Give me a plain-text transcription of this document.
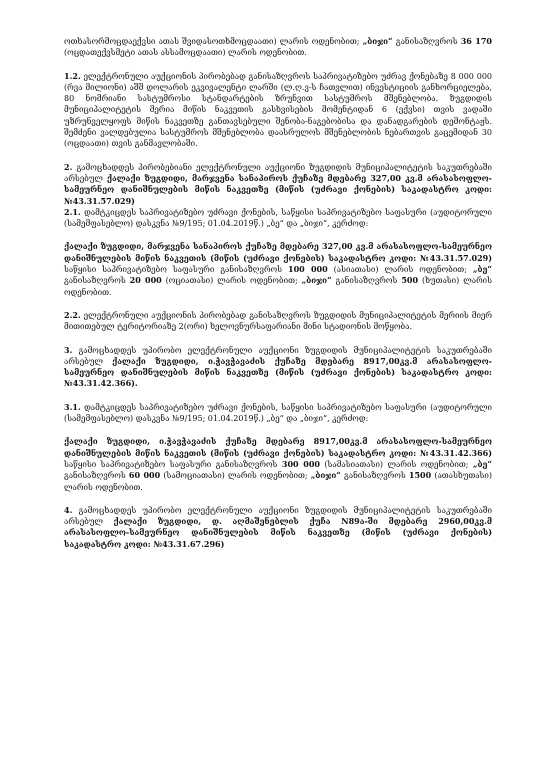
ოთხასორმოცდაექვსი ათას შვიდასოთხმოცდაათი) ლარის ოდენობით; „ბიჯი“ განისაზღვროს 36 170 (ოცდათექვსმეტი ათას ასსამოცდაათი) ლარის ოდენობით.

1.2. ელექტრონული აუქციონის პირობებად განისაზღვროს საპრივატიზებო უძრავ ქონებაზე 8 000 000 (რვა მილიონი) აშშ დოლარის ეკვივალენტი ლარში (ლ.ღ.ვ-ს ჩათვლით) ინვესტიციის განხორციელება, 80 ნომრიანი სასტუმროსი სტანდარტების ზრუნვით სასტუმროს მშენებლობა. ზუგდიდის მუნიციპალიტეტის მერია მიწის ნაკვეთის გასხვისების მომენტიდან 6 (ექვსი) თვის ვადაში უზრუნველყოფს მიწის ნაკვეთზე განთავსებული შენობა-ნაგებობისა და დანადგარების დემონტაჟს. შემძენი ვალდებულია სასტუმროს მშენებლობა დაასრულოს მშენებლობის ნებართვის გაცემიდან 30 (ოცდაათი) თვის განმავლობაში.

2. გამოცხადდეს პირობებიანი ელექტრონული აუქციონი ზუგდიდის მუნიციპალიტეტის საკუთრებაში არსებულ ქალაქი ზუგდიდი, მარჯვენა სანაპიროს ქუჩაზე მდებარე 327,00 კვ.მ არასასოფლო-სამეურნეო დანიშნულების მიწის ნაკვეთზე (მიწის (უძრავი ქონების) საკადასტრო კოდი: №43.31.57.029)

2.1. დამტკიცდეს საპრივატიზებო უძრავი ქონების, საწყისი საპრივატიზებო საფასური (აუდიტორული (სამემფასებლო) დასკვნა №9/195; 01.04.2019წ.) „ბე“ და „ბიჯი“, კერძოდ:

ქალაქი ზუგდიდი, მარჯვენა სანაპიროს ქუჩაზე მდებარე 327,00 კვ.მ არასასოფლო-სამეურნეო დანიშნულების მიწის ნაკვეთის (მიწის (უძრავი ქონების) საკადასტრო კოდი: №43.31.57.029) საწყისი საპრივატიზებო საფასური განისაზღვროს 100 000 (ასიათასი) ლარის ოდენობით; „ბე“ განისაზღვროს 20 000 (ოციათასი) ლარის ოდენობით; „ბიჯი“ განისაზღვროს 500 (ხუთასი) ლარის ოდენობით.

2.2. ელექტრონული აუქციონის პირობებად განისაზღვროს ზუგდიდის მუნიციპალიტეტის მერიის მიერ მითითებულ ტერიტორიაზე 2(ორი) ხელოვნურსაფარიანი მინი სტადიონის მოწყობა.

3. გამოცხადდეს უპირობო ელექტრონული აუქციონი ზუგდიდის მუნიციპალიტეტის საკუთრებაში არსებულ ქალაქი ზუგდიდი, ი.ჭავჭავაძის ქუჩაზე მდებარე 8917,00კვ.მ არასასოფლო-სამეურნეო დანიშნულების მიწის ნაკვეთზე (მიწის (უძრავი ქონების) საკადასტრო კოდი: №43.31.42.366).

3.1. დამტკიცდეს საპრივატიზებო უძრავი ქონების, საწყისი საპრივატიზებო საფასური (აუდიტორული (სამემფასებლო) დასკვნა №9/195; 01.04.2019წ.) „ბე“ და „ბიჯი“, კერძოდ:

ქალაქი ზუგდიდი, ი.ჭავჭავაძის ქუჩაზე მდებარე 8917,00კვ.მ არასასოფლო-სამეურნეო დანიშნულების მიწის ნაკვეთის (მიწის (უძრავი ქონების) საკადასტრო კოდი: №43.31.42.366) საწყისი საპრივატიზებო საფასური განისაზღვროს 300 000 (სამასიათასი) ლარის ოდენობით; „ბე“ განისაზღვროს 60 000 (სამოციათასი) ლარის ოდენობით; „ბიჯი“ განისაზღვროს 1500 (ათასხუთასი) ლარის ოდენობით.

4. გამოცხადდეს უპირობო ელექტრონული აუქციონი ზუგდიდის მუნიციპალიტეტის საკუთრებაში არსებულ ქალაქი ზუგდიდი, დ. აღმაშენებლის ქუჩა N89ა-ში მდებარე 2960,00კვ.მ არასასოფლო-სამეურნეო დანიშნულების მიწის ნაკვეთზე (მიწის (უძრავი ქონების) საკადასტრო კოდი: №43.31.67.296)
